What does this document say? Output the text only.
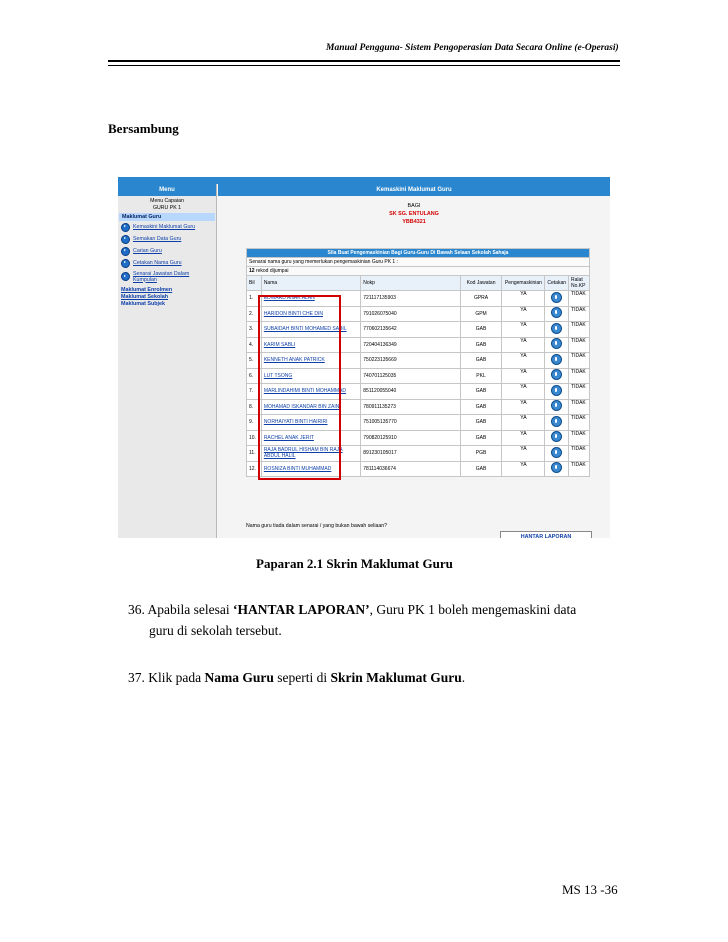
Manual Pengguna- Sistem Pengoperasian Data Secara Online (e-Operasi)
Bersambung
Menu
Menu Capaian
GURU PK 1
Maklumat Guru
Kemaskini Maklumat Guru
Semakan Data Guru
Carian Guru
Cetakan Nama Guru
Senarai Jawatan Dalam Kumpulan
Maklumat Enrolmen
Maklumat Sekolah
Maklumat Subjek
Kemaskini Maklumat Guru
BAGI
SK SG. ENTULANG
YBB4321
Sila Buat Pengemaskinian Bagi Guru-Guru Di Bawah Selaan Sekolah Sahaja						
Senarai nama guru yang memerlukan pengemaskinian Guru PK 1 :						
12 rekod dijumpai						
Bil	Nama	Nokp	Kod Jawatan	Pengemaskinian	Cetakan	Ralat No.KP
1.	EDWARD ANAK ALAN	721117135903	GPRA	YA		TIDAK
2.	HARIDON BINTI CHE DIN	791026075040	GPM	YA		TIDAK
3.	SUBAIDAH BINTI MOHAMED SABIL	770602135642	GAB	YA		TIDAK
4.	KARIM SABLI	720404136349	GAB	YA		TIDAK
5.	KENNETH ANAK PATRICK	750223135669	GAB	YA		TIDAK
6.	LUT TSONG	740701125035	PKL	YA		TIDAK
7.	MARLINDAHIMI BINTI MOHAMMAD	851120055040	GAB	YA		TIDAK
8.	MOHAMAD ISKANDAR BIN ZAIN	780911135273	GAB	YA		TIDAK
9.	NORHAIYATI BINTI HAIRIRI	751005135770	GAB	YA		TIDAK
10.	RACHEL ANAK JERIT	790820125910	GAB	YA		TIDAK
11.	RAJA BADRUL HISHAM BIN RAJA ABDUL HALIL	891230105017	PGB	YA		TIDAK
12.	ROSNIZA BINTI MUHAMMAD	781114036674	GAB	YA		TIDAK
Nama guru tiada dalam senarai / yang bukan bawah seliaan?
HANTAR LAPORAN
Paparan 2.1 Skrin Maklumat Guru
36. Apabila selesai ‘HANTAR LAPORAN’, Guru PK 1 boleh mengemaskini data
guru di sekolah tersebut.
37. Klik pada Nama Guru seperti di Skrin Maklumat Guru.
MS 13 -36
